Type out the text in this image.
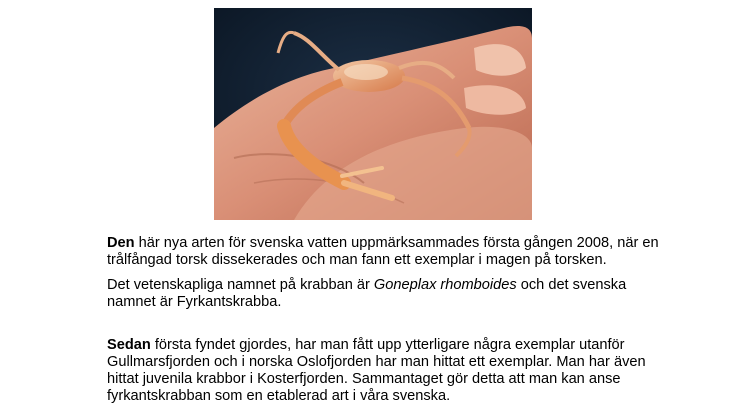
Den här nya arten för svenska vatten uppmärksammades första gången 2008, när en trålfångad torsk dissekerades och man fann ett exemplar i magen på torsken.

Det vetenskapliga namnet på krabban är Goneplax rhomboides och det svenska namnet är Fyrkantskrabba.

Sedan första fyndet gjordes, har man fått upp ytterligare några exemplar utanför Gullmarsfjorden och i norska Oslofjorden har man hittat ett exemplar. Man har även hittat juvenila krabbor i Kosterfjorden. Sammantaget gör detta att man kan anse fyrkantskrabban som en etablerad art i våra svenska.
